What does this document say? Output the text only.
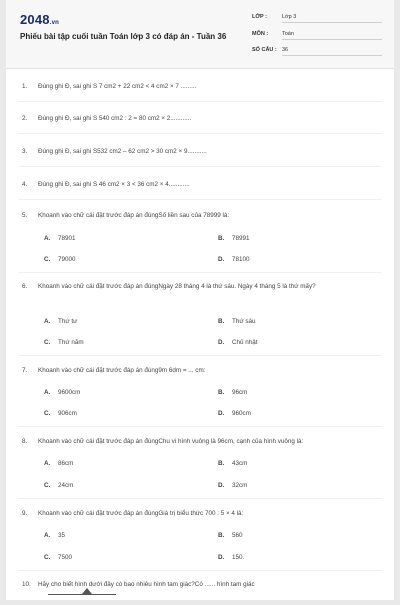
2048.vn
Phiếu bài tập cuối tuần Toán lớp 3 có đáp án - Tuần 36
LỚP :	Lớp 3
MÔN :	Toán
SỐ CÂU : 36
1. Đúng ghi Đ, sai ghi S 7 cm2 + 22 cm2 < 4 cm2 × 7 .........
2. Đúng ghi Đ, sai ghi S 540 cm2 : 2 = 80 cm2 × 2............
3. Đúng ghi Đ, sai ghi S532 cm2 – 62 cm2 > 30 cm2 × 9...........
4. Đúng ghi Đ, sai ghi S 46 cm2 × 3 < 36 cm2 × 4............
5. Khoanh vào chữ cái đặt trước đáp án đúngSố liền sau của 78999 là:
A. 78901	B. 78991
C. 79000	D. 78100
6. Khoanh vào chữ cái đặt trước đáp án đúngNgày 28 tháng 4 là thứ sáu. Ngày 4 tháng 5 là thứ mấy?
A. Thứ tư	B. Thứ sáu
C. Thứ năm	D. Chủ nhật
7. Khoanh vào chữ cái đặt trước đáp án đúng9m 6dm = ... cm:
A. 9600cm	B. 96cm
C. 906cm	D. 960cm
8. Khoanh vào chữ cái đặt trước đáp án đúngChu vi hình vuông là 96cm, cạnh của hình vuông là:
A. 86cm	B. 43cm
C. 24cm	D. 32cm
9. Khoanh vào chữ cái đặt trước đáp án đúngGiá trị biểu thức 700 : 5 × 4 là:
A. 35	B. 560
C. 7500	D. 150.
10. Hãy cho biết hình dưới đây có bao nhiêu hình tam giác?Có ...... hình tam giác
